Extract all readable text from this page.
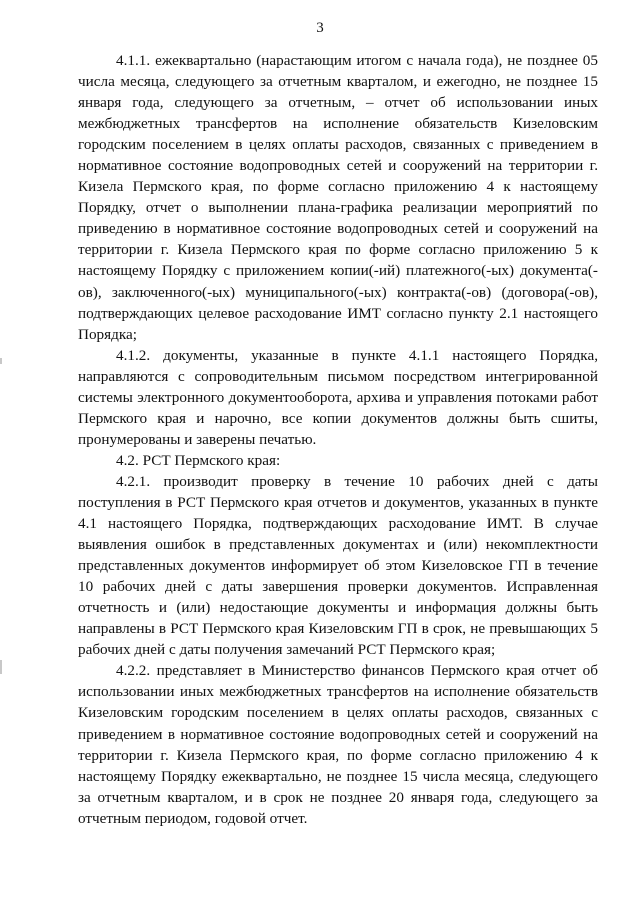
3

4.1.1. ежеквартально (нарастающим итогом с начала года), не позднее 05 числа месяца, следующего за отчетным кварталом, и ежегодно, не позднее 15 января года, следующего за отчетным, – отчет об использовании иных межбюджетных трансфертов на исполнение обязательств Кизеловским городским поселением в целях оплаты расходов, связанных с приведением в нормативное состояние водопроводных сетей и сооружений на территории г. Кизела Пермского края, по форме согласно приложению 4 к настоящему Порядку, отчет о выполнении плана-графика реализации мероприятий по приведению в нормативное состояние водопроводных сетей и сооружений на территории г. Кизела Пермского края по форме согласно приложению 5 к настоящему Порядку с приложением копии(-ий) платежного(-ых) документа(-ов), заключенного(-ых) муниципального(-ых) контракта(-ов) (договора(-ов), подтверждающих целевое расходование ИМТ согласно пункту 2.1 настоящего Порядка;

4.1.2. документы, указанные в пункте 4.1.1 настоящего Порядка, направляются с сопроводительным письмом посредством интегрированной системы электронного документооборота, архива и управления потоками работ Пермского края и нарочно, все копии документов должны быть сшиты, пронумерованы и заверены печатью.

4.2. РСТ Пермского края:

4.2.1. производит проверку в течение 10 рабочих дней с даты поступления в РСТ Пермского края отчетов и документов, указанных в пункте 4.1 настоящего Порядка, подтверждающих расходование ИМТ. В случае выявления ошибок в представленных документах и (или) некомплектности представленных документов информирует об этом Кизеловское ГП в течение 10 рабочих дней с даты завершения проверки документов. Исправленная отчетность и (или) недостающие документы и информация должны быть направлены в РСТ Пермского края Кизеловским ГП в срок, не превышающих 5 рабочих дней с даты получения замечаний РСТ Пермского края;

4.2.2. представляет в Министерство финансов Пермского края отчет об использовании иных межбюджетных трансфертов на исполнение обязательств Кизеловским городским поселением в целях оплаты расходов, связанных с приведением в нормативное состояние водопроводных сетей и сооружений на территории г. Кизела Пермского края, по форме согласно приложению 4 к настоящему Порядку ежеквартально, не позднее 15 числа месяца, следующего за отчетным кварталом, и в срок не позднее 20 января года, следующего за отчетным периодом, годовой отчет.
